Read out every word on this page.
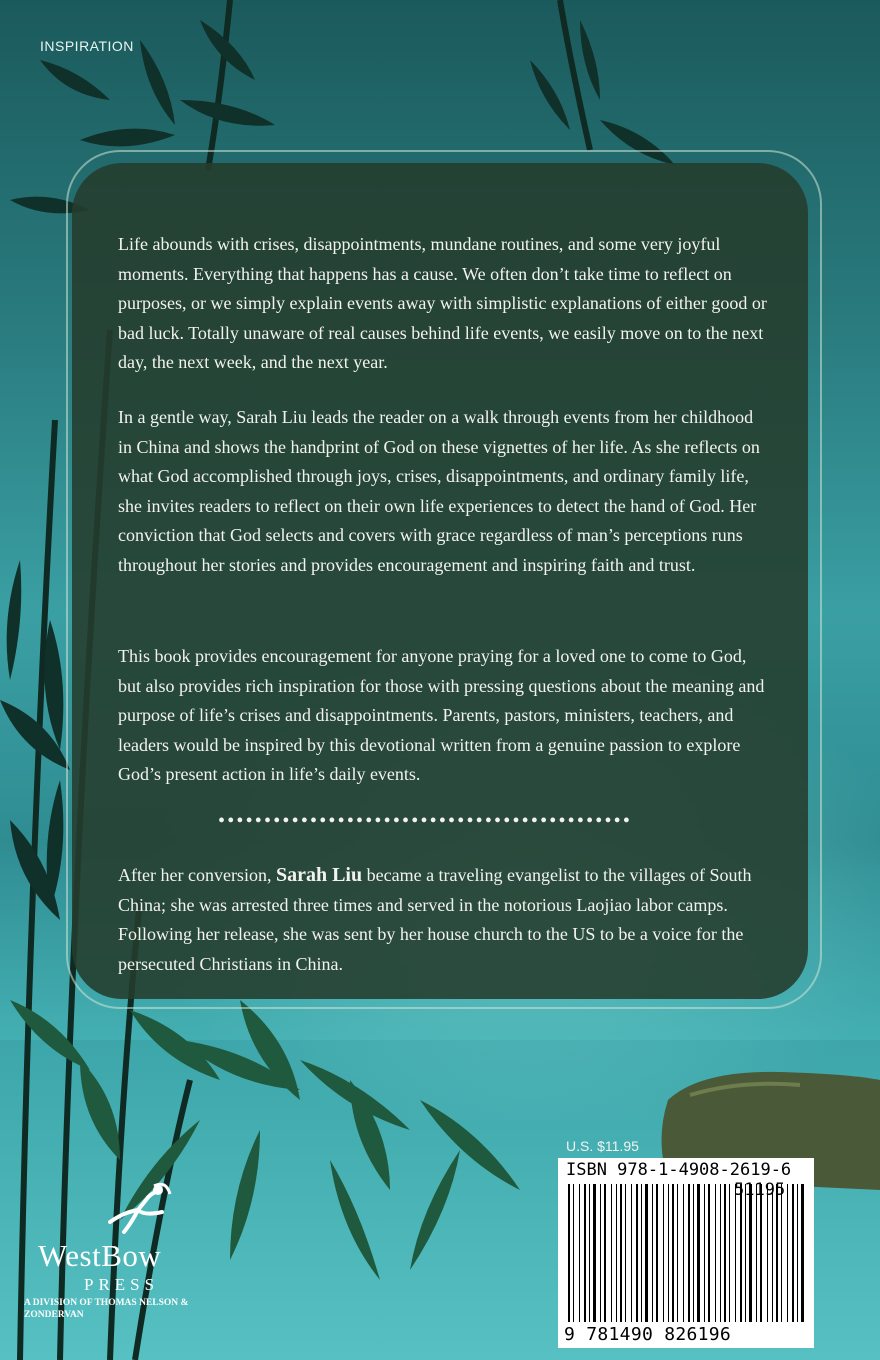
INSPIRATION

Life abounds with crises, disappointments, mundane routines, and some very joyful moments. Everything that happens has a cause. We often don’t take time to reflect on purposes, or we simply explain events away with simplistic explanations of either good or bad luck. Totally unaware of real causes behind life events, we easily move on to the next day, the next week, and the next year.

In a gentle way, Sarah Liu leads the reader on a walk through events from her childhood in China and shows the handprint of God on these vignettes of her life. As she reflects on what God accomplished through joys, crises, disappointments, and ordinary family life, she invites readers to reflect on their own life experiences to detect the hand of God. Her conviction that God selects and covers with grace regardless of man’s perceptions runs throughout her stories and provides encouragement and inspiring faith and trust.

This book provides encouragement for anyone praying for a loved one to come to God, but also provides rich inspiration for those with pressing questions about the meaning and purpose of life’s crises and disappointments. Parents, pastors, ministers, teachers, and leaders would be inspired by this devotional written from a genuine passion to explore God’s present action in life’s daily events.

•••••••••••••••••••••••••••••••••••••••••••••

After her conversion, Sarah Liu became a traveling evangelist to the villages of South China; she was arrested three times and served in the notorious Laojiao labor camps. Following her release, she was sent by her house church to the US to be a voice for the persecuted Christians in China.

U.S. $11.95
ISBN 978-1-4908-2619-6
51195
9 781490 826196
WestBow
PRESS
A DIVISION OF THOMAS NELSON & ZONDERVAN
